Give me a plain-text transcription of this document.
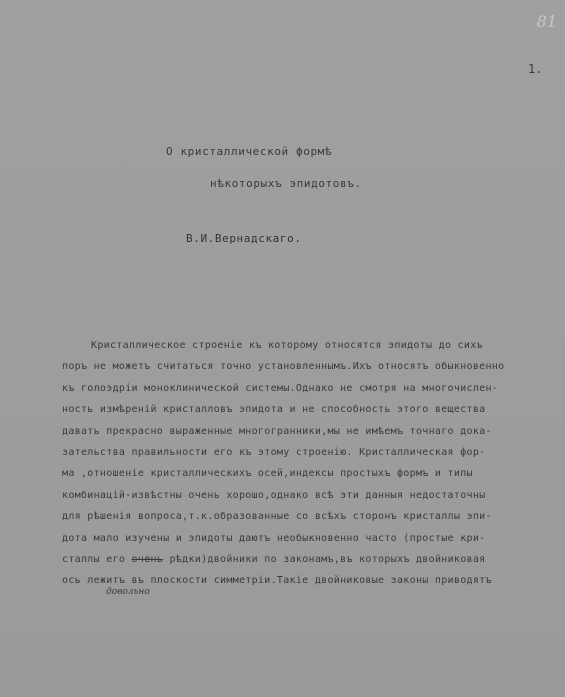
81
1.
О кристаллической формѣ
нѣкоторыхъ эпидотовъ.
В.И.Вернадскаго.
Кристаллическое строеніе къ которому относятся эпидоты до сихъ
поръ не можетъ считаться точно установленнымъ.Ихъ относятъ обыкновенно
къ голоэдріи моноклинической системы.Однако не смотря на многочислен-
ность измѣреній кристалловъ эпидота и не способность этого вещества
давать прекрасно выраженные многогранники,мы не имѣемъ точнаго дока-
зательства правильности его къ этому строенію. Кристаллическая фор-
ма ,отношеніе кристаллическихъ осей,индексы простыхъ формъ и типы
комбинацій-извѣстны очень хорошо,однако всѣ эти данныя недостаточны
для рѣшенія вопроса,т.к.образованные со всѣхъ сторонъ кристаллы эпи-
дота мало изучены и эпидоты даютъ необыкновенно часто (простые кри-
сталлы его очень рѣдки)двойники по законамъ,въ которыхъ двойниковая
ось лежитъ въ плоскости симметріи.Такіе двойниковые законы приводятъ
довольно
